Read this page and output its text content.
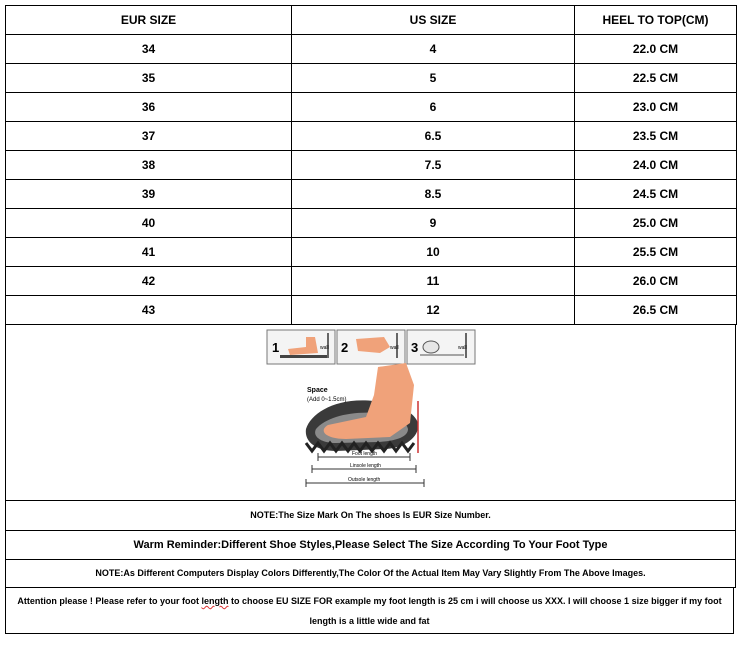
EUR SIZE	US SIZE	HEEL TO TOP(CM)
34	4	22.0 CM
35	5	22.5 CM
36	6	23.0 CM
37	6.5	23.5 CM
38	7.5	24.0 CM
39	8.5	24.5 CM
40	9	25.0 CM
41	10	25.5 CM
42	11	26.0 CM
43	12	26.5 CM
1	wall 2	wall 3	wall
Space
(Add 0~1.5cm)
Foot length
Linsole length
Outsole length
NOTE:The Size Mark On The shoes Is EUR Size Number.
Warm Reminder:Different Shoe Styles,Please Select The Size According To Your Foot Type
NOTE:As Different Computers Display Colors Differently,The Color Of the Actual Item May Vary Slightly From The Above Images.
Attention please ! Please refer to your foot length to choose EU SIZE FOR example my foot length is 25 cm i will choose us XXX. I will choose 1 size bigger if my foot
length is a little wide and fat
